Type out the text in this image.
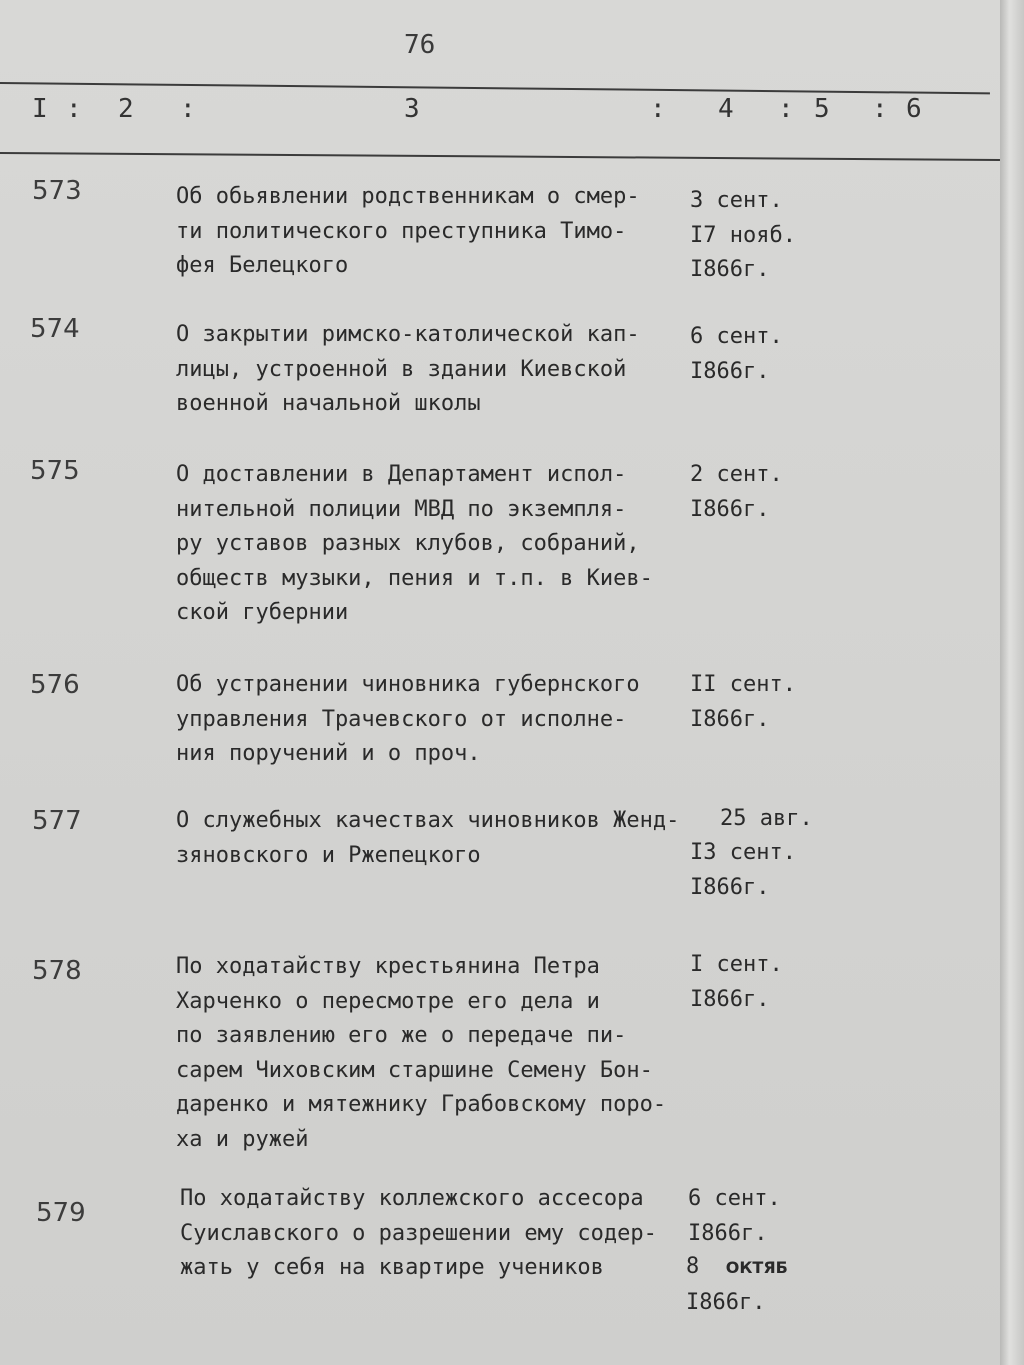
76
I : 2 :	3	: 4 : 5 : 6
573	Об обьявлении родственникам о смер-
ти политического преступника Тимо-
фея Белецкого
3 сент.
I7 нояб.
I866г.
574	О закрытии римско-католической кап-
лицы, устроенной в здании Киевской
военной начальной школы
6 сент.
I866г.
575	О доставлении в Департамент испол-
нительной полиции МВД по экземпля-
ру уставов разных клубов, собраний,
обществ музыки, пения и т.п. в Киев-
ской губернии
2 сент.
I866г.
576	Об устранении чиновника губернского
управления Трачевского от исполне-
ния поручений и о проч.
II сент.
I866г.
577	О служебных качествах чиновников Женд-
зяновского и Ржепецкого
25 авг.
I3 сент.
I866г.
578	По ходатайству крестьянина Петра
Харченко о пересмотре его дела и
по заявлению его же о передаче пи-
сарем Чиховским старшине Семену Бон-
даренко и мятежнику Грабовскому поро-
ха и ружей
I сент.
I866г.
579	По ходатайству коллежского ассесора
Суиславского о разрешении ему содер-
жать у себя на квартире учеников
6 сент.
I866г.
8 ОКТЯБ
I866г.
